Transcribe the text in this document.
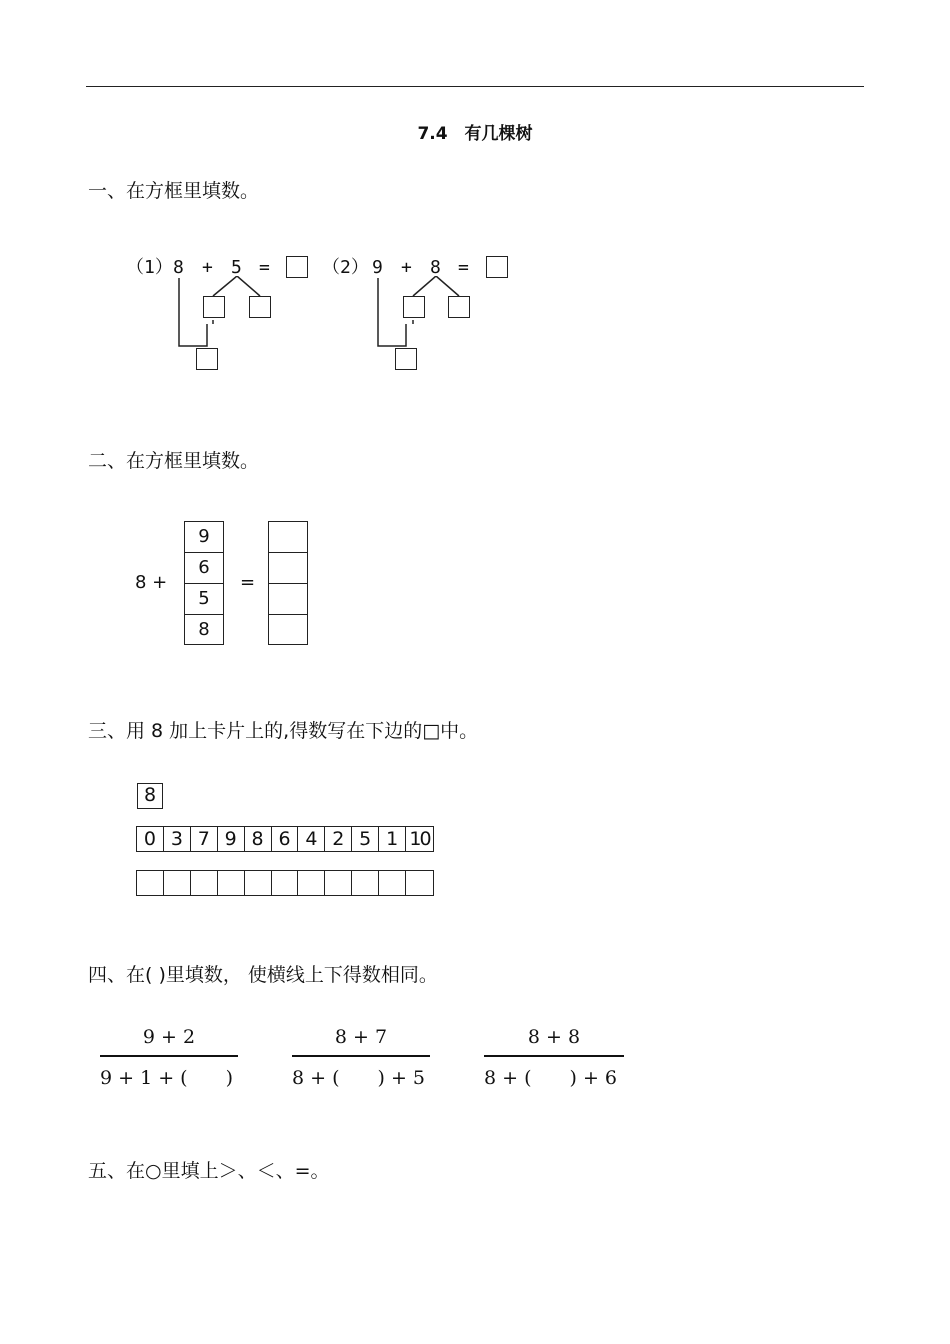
7.4　有几棵树
一、在方框里填数。
（1） 8 + 5 =	（2） 9 + 8 =
二、在方框里填数。
8 +
9
6
5
8
=
三、用 8 加上卡片上的,得数写在下边的□中。
8
0 3 7 9 8 6 4 2 5 1 10
四、在( )里填数， 使横线上下得数相同。
9 + 2
9 + 1 + (　　)
8 + 7
8 + (　　) + 5
8 + 8
8 + (　　) + 6
五、在○里填上＞、＜、=。
